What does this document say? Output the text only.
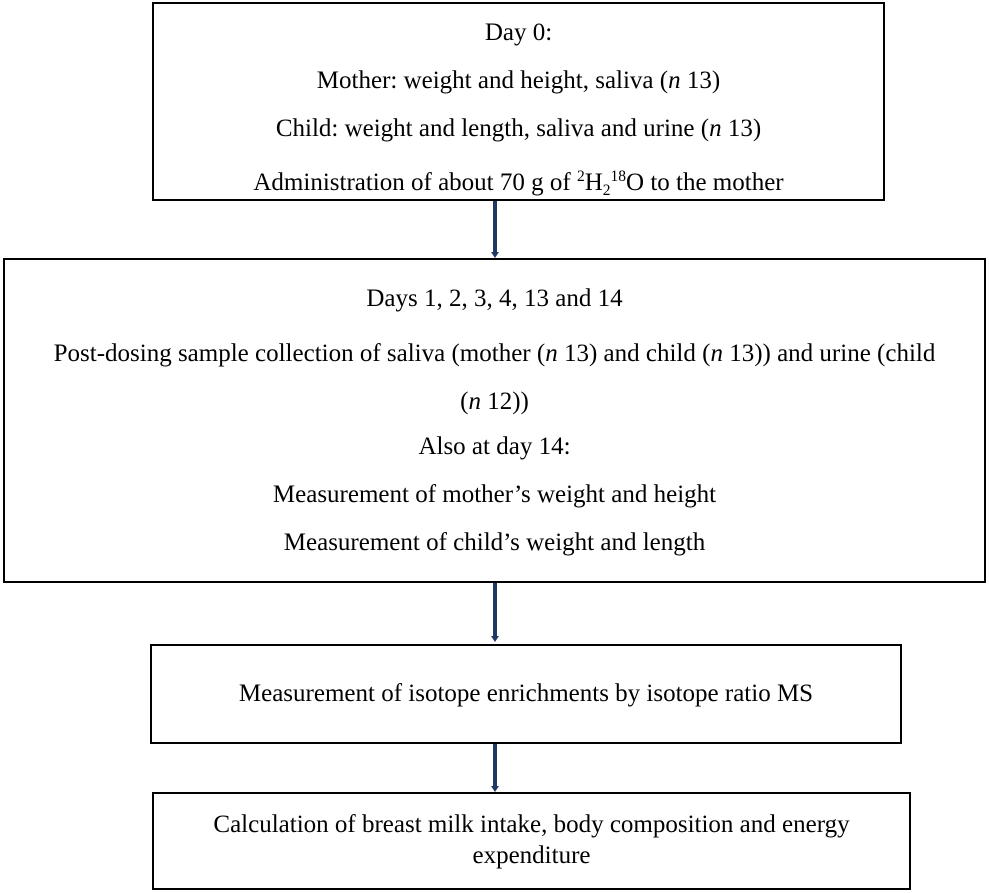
Day 0:
Mother: weight and height, saliva (n 13)
Child: weight and length, saliva and urine (n 13)
Administration of about 70 g of $^2H_2^{18}O$ to the mother
Days 1, 2, 3, 4, 13 and 14
Post-dosing sample collection of saliva (mother (n 13) and child (n 13)) and urine (child (n 12))
Also at day 14:
Measurement of mother’s weight and height
Measurement of child’s weight and length
Measurement of isotope enrichments by isotope ratio MS
Calculation of breast milk intake, body composition and energy expenditure
